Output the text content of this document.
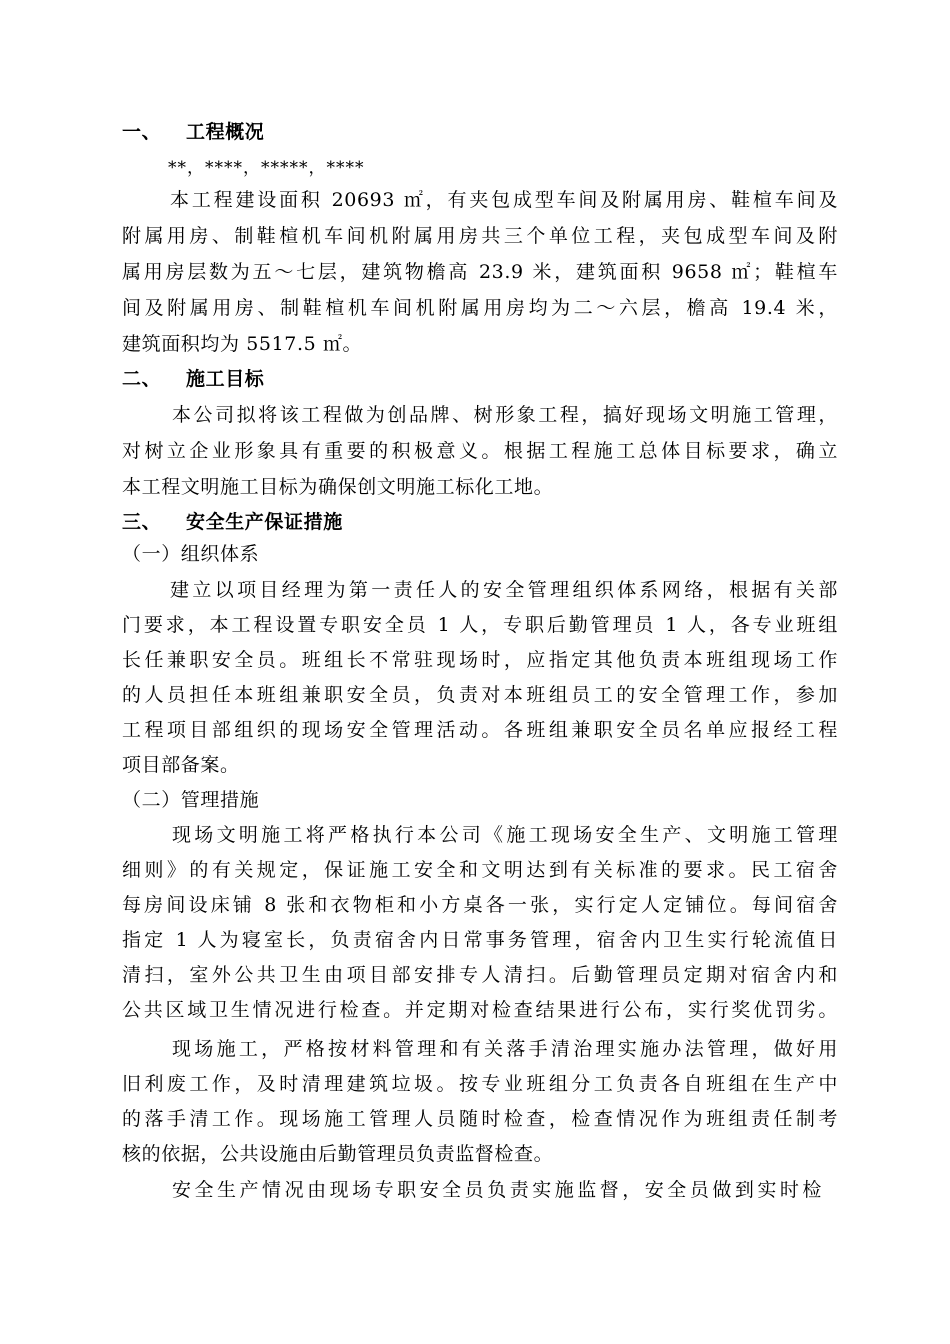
一、 工程概况
**，****，*****，****
本工程建设面积 20693 ㎡，有夹包成型车间及附属用房、鞋楦车间及
附属用房、制鞋楦机车间机附属用房共三个单位工程，夹包成型车间及附
属用房层数为五～七层，建筑物檐高 23.9 米，建筑面积 9658 ㎡；鞋楦车
间及附属用房、制鞋楦机车间机附属用房均为二～六层，檐高 19.4 米，
建筑面积均为 5517.5 ㎡。
二、 施工目标
本公司拟将该工程做为创品牌、树形象工程，搞好现场文明施工管理，
对树立企业形象具有重要的积极意义。根据工程施工总体目标要求，确立
本工程文明施工目标为确保创文明施工标化工地。
三、 安全生产保证措施
（一）组织体系
建立以项目经理为第一责任人的安全管理组织体系网络，根据有关部
门要求，本工程设置专职安全员 1 人，专职后勤管理员 1 人，各专业班组
长任兼职安全员。班组长不常驻现场时，应指定其他负责本班组现场工作
的人员担任本班组兼职安全员，负责对本班组员工的安全管理工作，参加
工程项目部组织的现场安全管理活动。各班组兼职安全员名单应报经工程
项目部备案。
（二）管理措施
现场文明施工将严格执行本公司《施工现场安全生产、文明施工管理
细则》的有关规定，保证施工安全和文明达到有关标准的要求。民工宿舍
每房间设床铺 8 张和衣物柜和小方桌各一张，实行定人定铺位。每间宿舍
指定 1 人为寝室长，负责宿舍内日常事务管理，宿舍内卫生实行轮流值日
清扫，室外公共卫生由项目部安排专人清扫。后勤管理员定期对宿舍内和
公共区域卫生情况进行检查。并定期对检查结果进行公布，实行奖优罚劣。
现场施工，严格按材料管理和有关落手清治理实施办法管理，做好用
旧利废工作，及时清理建筑垃圾。按专业班组分工负责各自班组在生产中
的落手清工作。现场施工管理人员随时检查，检查情况作为班组责任制考
核的依据，公共设施由后勤管理员负责监督检查。
安全生产情况由现场专职安全员负责实施监督，安全员做到实时检
